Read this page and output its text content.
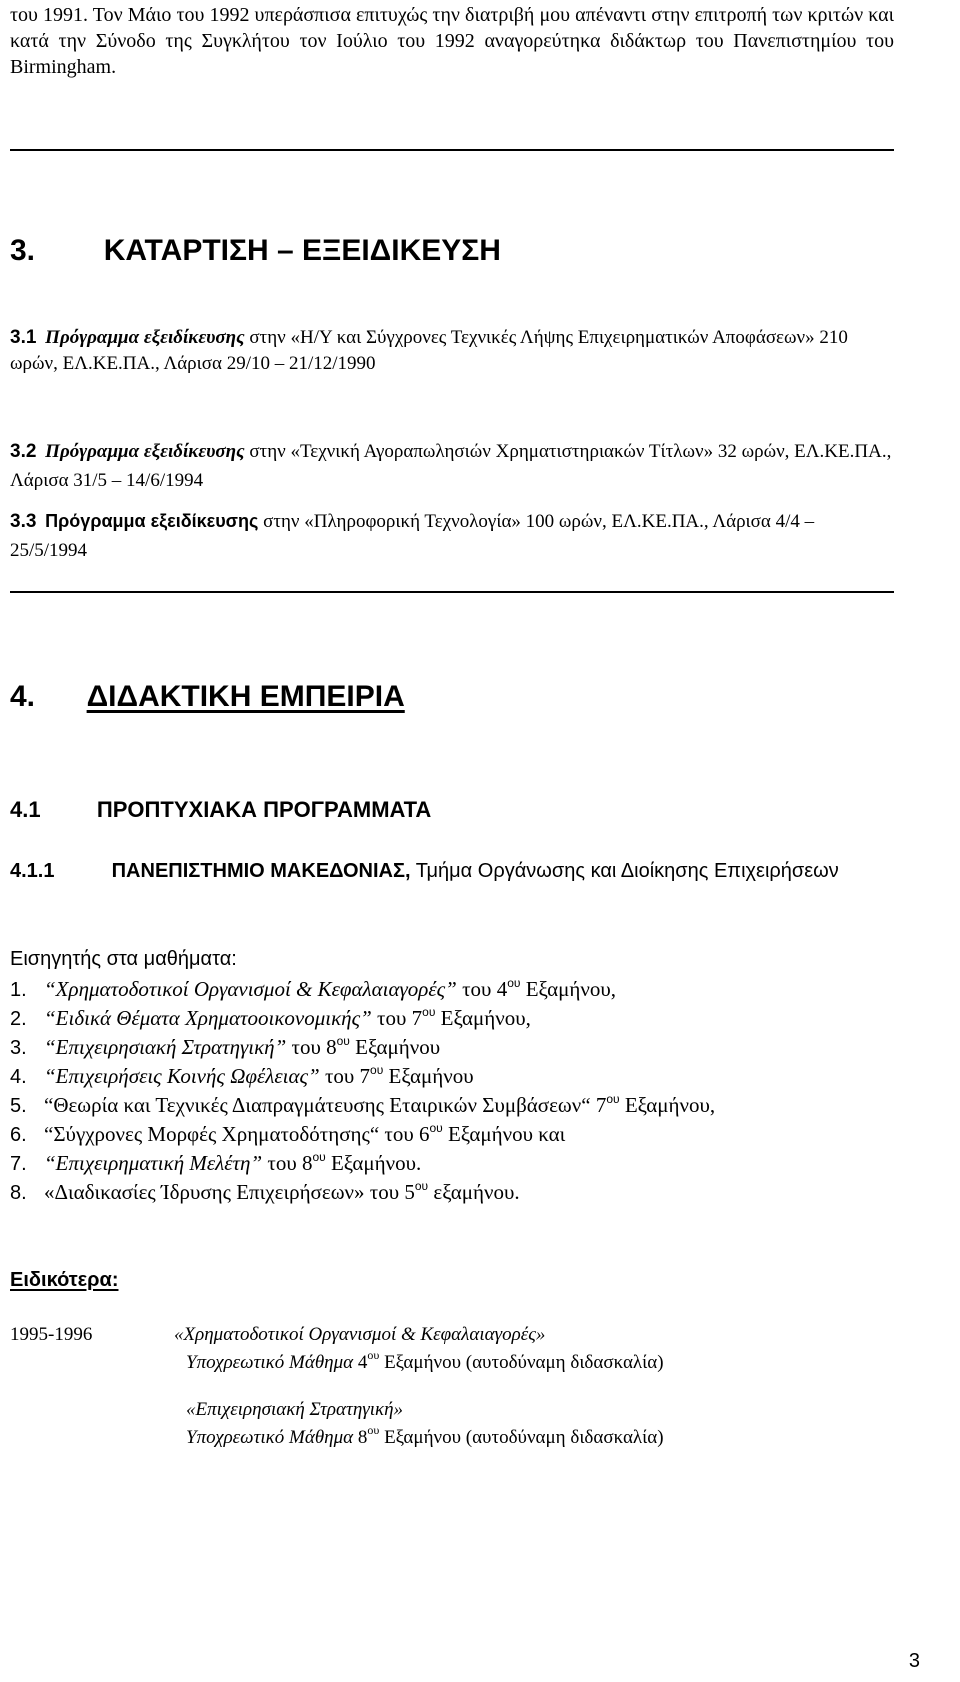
του 1991. Τον Μάιο του 1992 υπεράσπισα επιτυχώς την διατριβή μου απέναντι στην επιτροπή των κριτών και κατά την Σύνοδο της Συγκλήτου τον Ιούλιο του 1992 αναγορεύτηκα διδάκτωρ του Πανεπιστημίου του Birmingham.
3. ΚΑΤΑΡΤΙΣΗ – ΕΞΕΙΔΙΚΕΥΣΗ
3.1 Πρόγραμμα εξειδίκευσης στην «Η/Υ και Σύγχρονες Τεχνικές Λήψης Επιχειρηματικών Αποφάσεων» 210 ωρών, ΕΛ.ΚΕ.ΠΑ., Λάρισα 29/10 – 21/12/1990
3.2 Πρόγραμμα εξειδίκευσης στην «Τεχνική Αγοραπωλησιών Χρηματιστηριακών Τίτλων» 32 ωρών, ΕΛ.ΚΕ.ΠΑ., Λάρισα 31/5 – 14/6/1994
3.3 Πρόγραμμα εξειδίκευσης στην «Πληροφορική Τεχνολογία» 100 ωρών, ΕΛ.ΚΕ.ΠΑ., Λάρισα 4/4 – 25/5/1994
4. ΔΙΔΑΚΤΙΚΗ ΕΜΠΕΙΡΙΑ
4.1	ΠΡΟΠΤΥΧΙΑΚΑ ΠΡΟΓΡΑΜΜΑΤΑ
4.1.1	ΠΑΝΕΠΙΣΤΗΜΙΟ ΜΑΚΕΔΟΝΙΑΣ, Τμήμα Οργάνωσης και Διοίκησης Επιχειρήσεων
Εισηγητής στα μαθήματα:
1. “Χρηματοδοτικοί Οργανισμοί & Κεφαλαιαγορές” του $4^{o\upsilon}$ Εξαμήνου,
2. “Ειδικά Θέματα Χρηματοοικονομικής” του $7^{o\upsilon}$ Εξαμήνου,
3. “Επιχειρησιακή Στρατηγική” του $8^{o\upsilon}$ Εξαμήνου
4. “Επιχειρήσεις Κοινής Ωφέλειας” του $7^{o\upsilon}$ Εξαμήνου
5. “Θεωρία και Τεχνικές Διαπραγμάτευσης Εταιρικών Συμβάσεων“ $7^{o\upsilon}$ Εξαμήνου,
6. “Σύγχρονες Μορφές Χρηματοδότησης“ του $6^{o\upsilon}$ Εξαμήνου και
7. “Επιχειρηματική Μελέτη” του $8^{o\upsilon}$ Εξαμήνου.
8. «Διαδικασίες Ίδρυσης Επιχειρήσεων» του $5^{o\upsilon}$ εξαμήνου.
Ειδικότερα:
1995-1996	«Χρηματοδοτικοί Οργανισμοί & Κεφαλαιαγορές»
Υποχρεωτικό Μάθημα $4^{o\upsilon}$ Εξαμήνου (αυτοδύναμη διδασκαλία)
«Επιχειρησιακή Στρατηγική»
Υποχρεωτικό Μάθημα $8^{o\upsilon}$ Εξαμήνου (αυτοδύναμη διδασκαλία)
3
